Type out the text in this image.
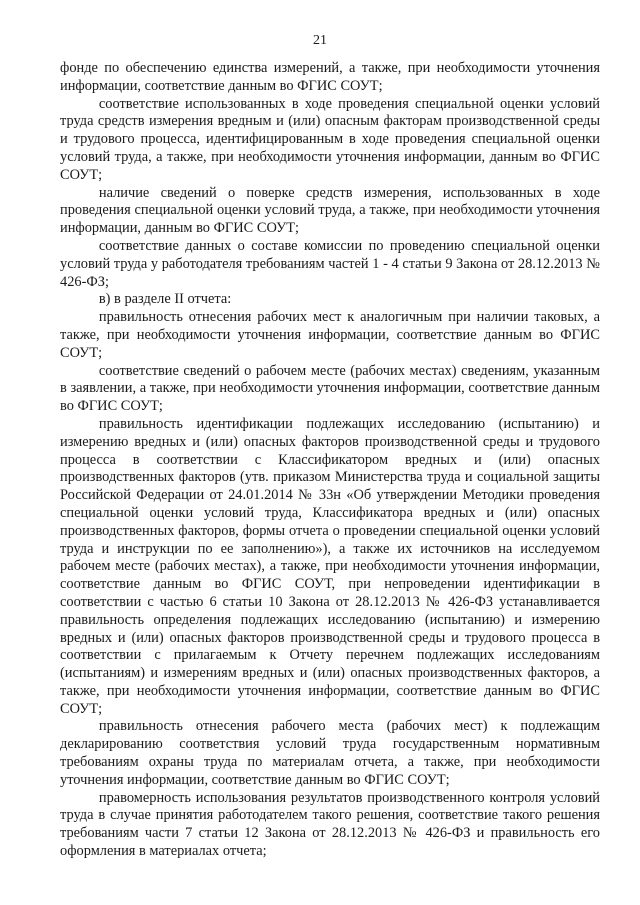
21

фонде по обеспечению единства измерений, а также, при необходимости уточнения информации, соответствие данным во ФГИС СОУТ;

соответствие использованных в ходе проведения специальной оценки условий труда средств измерения вредным и (или) опасным факторам производственной среды и трудового процесса, идентифицированным в ходе проведения специальной оценки условий труда, а также, при необходимости уточнения информации, данным во ФГИС СОУТ;

наличие сведений о поверке средств измерения, использованных в ходе проведения специальной оценки условий труда, а также, при необходимости уточнения информации, данным во ФГИС СОУТ;

соответствие данных о составе комиссии по проведению специальной оценки условий труда у работодателя требованиям частей 1 - 4 статьи 9 Закона от 28.12.2013 № 426-ФЗ;

в) в разделе II отчета:

правильность отнесения рабочих мест к аналогичным при наличии таковых, а также, при необходимости уточнения информации, соответствие данным во ФГИС СОУТ;

соответствие сведений о рабочем месте (рабочих местах) сведениям, указанным в заявлении, а также, при необходимости уточнения информации, соответствие данным во ФГИС СОУТ;

правильность идентификации подлежащих исследованию (испытанию) и измерению вредных и (или) опасных факторов производственной среды и трудового процесса в соответствии с Классификатором вредных и (или) опасных производственных факторов (утв. приказом Министерства труда и социальной защиты Российской Федерации от 24.01.2014 № 33н «Об утверждении Методики проведения специальной оценки условий труда, Классификатора вредных и (или) опасных производственных факторов, формы отчета о проведении специальной оценки условий труда и инструкции по ее заполнению»), а также их источников на исследуемом рабочем месте (рабочих местах), а также, при необходимости уточнения информации, соответствие данным во ФГИС СОУТ, при непроведении идентификации в соответствии с частью 6 статьи 10 Закона от 28.12.2013 № 426-ФЗ устанавливается правильность определения подлежащих исследованию (испытанию) и измерению вредных и (или) опасных факторов производственной среды и трудового процесса в соответствии с прилагаемым к Отчету перечнем подлежащих исследованиям (испытаниям) и измерениям вредных и (или) опасных производственных факторов, а также, при необходимости уточнения информации, соответствие данным во ФГИС СОУТ;

правильность отнесения рабочего места (рабочих мест) к подлежащим декларированию соответствия условий труда государственным нормативным требованиям охраны труда по материалам отчета, а также, при необходимости уточнения информации, соответствие данным во ФГИС СОУТ;

правомерность использования результатов производственного контроля условий труда в случае принятия работодателем такого решения, соответствие такого решения требованиям части 7 статьи 12 Закона от 28.12.2013 № 426-ФЗ и правильность его оформления в материалах отчета;
